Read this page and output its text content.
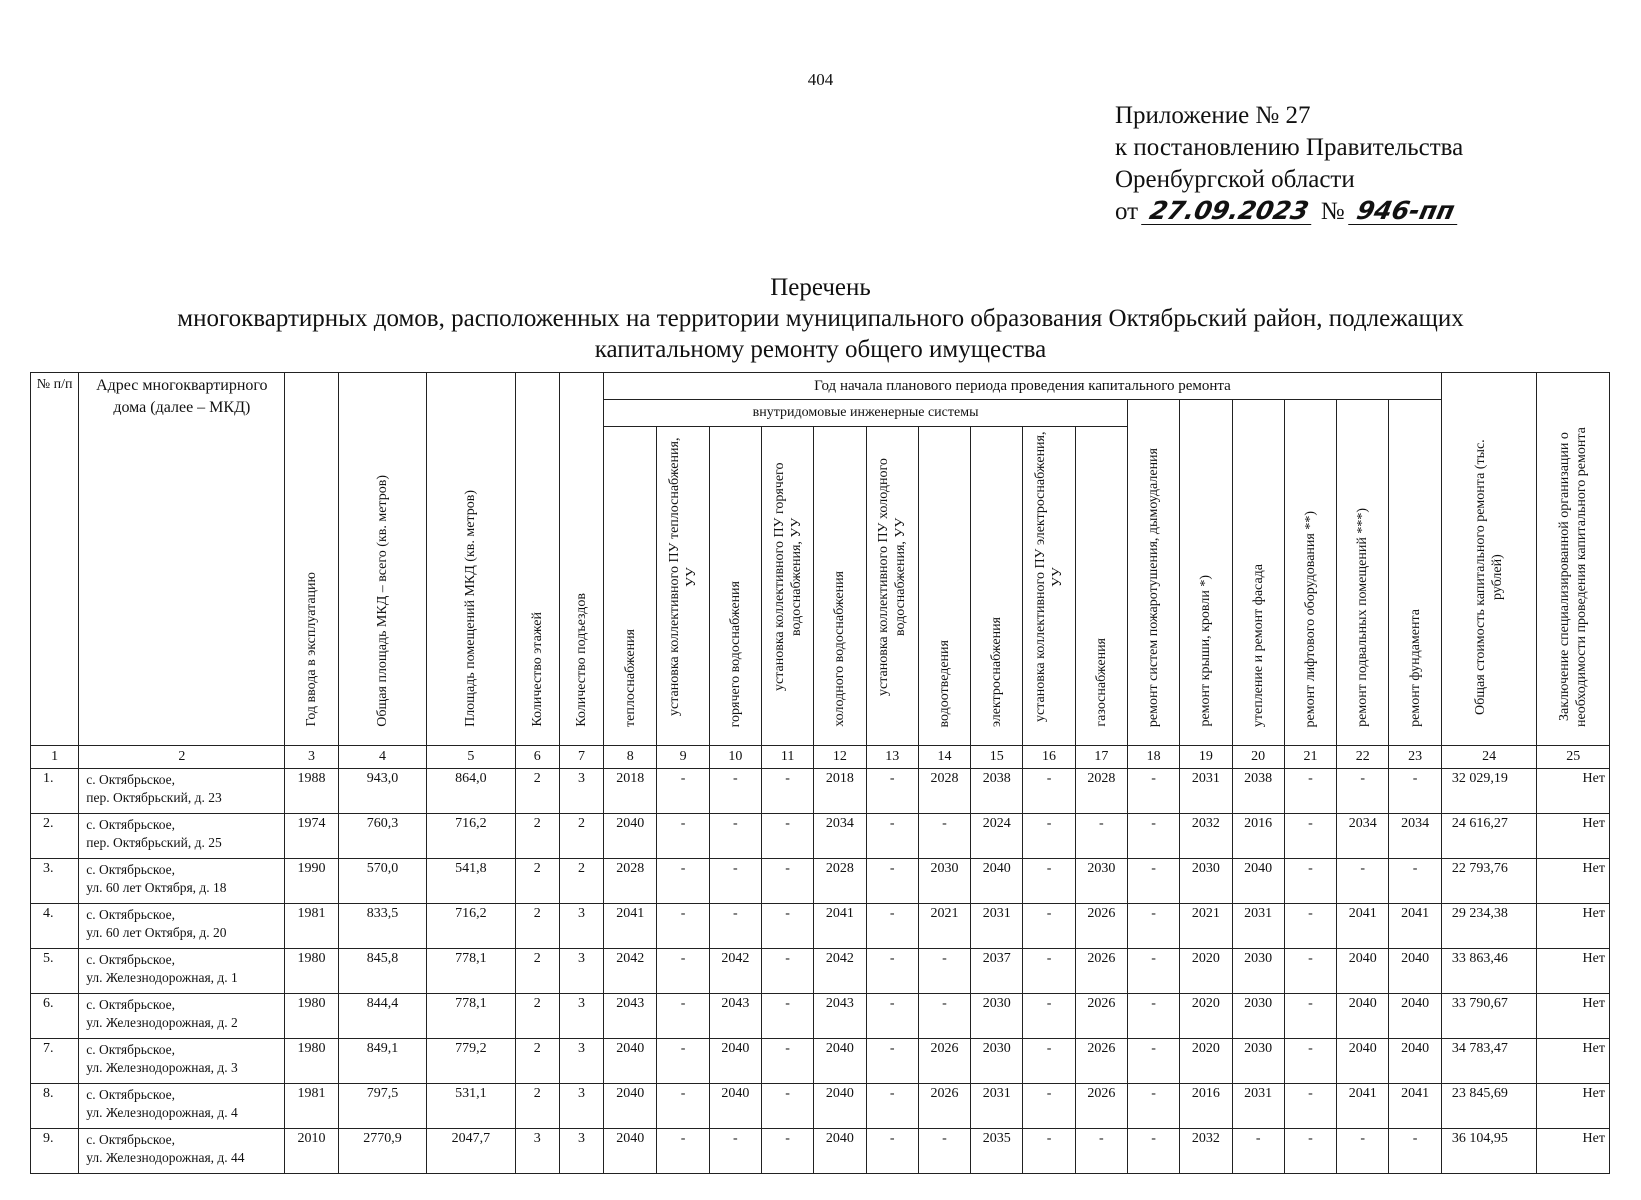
404
Приложение № 27
к постановлению Правительства
Оренбургской области
от 27.09.2023 № 946-пп
Перечень
многоквартирных домов, расположенных на территории муниципального образования Октябрьский район, подлежащих
капитальному ремонту общего имущества
№ п/п	Адрес многоквартирного дома (далее – МКД)	Год ввода в эксплуатацию	Общая площадь МКД – всего (кв. метров)	Площадь помещений МКД (кв. метров)	Количество этажей	Количество подъездов	Год начала планового периода проведения капитального ремонта																Общая стоимость капитального ремонта (тыс. рублей)	Заключение специализированной организации о необходимости проведения капитального ремонта
							внутридомовые инженерные системы										ремонт систем пожаротушения, дымоудаления	ремонт крыши, кровли *)	утепление и ремонт фасада	ремонт лифтового оборудования **)	ремонт подвальных помещений ***)	ремонт фундамента		
							теплоснабжения	установка коллективного ПУ теплоснабжения, УУ	горячего водоснабжения	установка коллективного ПУ горячего водоснабжения, УУ	холодного водоснабжения	установка коллективного ПУ холодного водоснабжения, УУ	водоотведения	электроснабжения	установка коллективного ПУ электроснабжения, УУ	газоснабжения								
1	2	3	4	5	6	7	8	9	10	11	12	13	14	15	16	17	18	19	20	21	22	23	24	25
1.	с. Октябрьское,
пер. Октябрьский, д. 23	1988	943,0	864,0	2	3	2018	-	-	-	2018	-	2028	2038	-	2028	-	2031	2038	-	-	-	32 029,19	Нет
2.	с. Октябрьское,
пер. Октябрьский, д. 25	1974	760,3	716,2	2	2	2040	-	-	-	2034	-	-	2024	-	-	-	2032	2016	-	2034	2034	24 616,27	Нет
3.	с. Октябрьское,
ул. 60 лет Октября, д. 18	1990	570,0	541,8	2	2	2028	-	-	-	2028	-	2030	2040	-	2030	-	2030	2040	-	-	-	22 793,76	Нет
4.	с. Октябрьское,
ул. 60 лет Октября, д. 20	1981	833,5	716,2	2	3	2041	-	-	-	2041	-	2021	2031	-	2026	-	2021	2031	-	2041	2041	29 234,38	Нет
5.	с. Октябрьское,
ул. Железнодорожная, д. 1	1980	845,8	778,1	2	3	2042	-	2042	-	2042	-	-	2037	-	2026	-	2020	2030	-	2040	2040	33 863,46	Нет
6.	с. Октябрьское,
ул. Железнодорожная, д. 2	1980	844,4	778,1	2	3	2043	-	2043	-	2043	-	-	2030	-	2026	-	2020	2030	-	2040	2040	33 790,67	Нет
7.	с. Октябрьское,
ул. Железнодорожная, д. 3	1980	849,1	779,2	2	3	2040	-	2040	-	2040	-	2026	2030	-	2026	-	2020	2030	-	2040	2040	34 783,47	Нет
8.	с. Октябрьское,
ул. Железнодорожная, д. 4	1981	797,5	531,1	2	3	2040	-	2040	-	2040	-	2026	2031	-	2026	-	2016	2031	-	2041	2041	23 845,69	Нет
9.	с. Октябрьское,
ул. Железнодорожная, д. 44	2010	2770,9	2047,7	3	3	2040	-	-	-	2040	-	-	2035	-	-	-	2032	-	-	-	-	36 104,95	Нет
